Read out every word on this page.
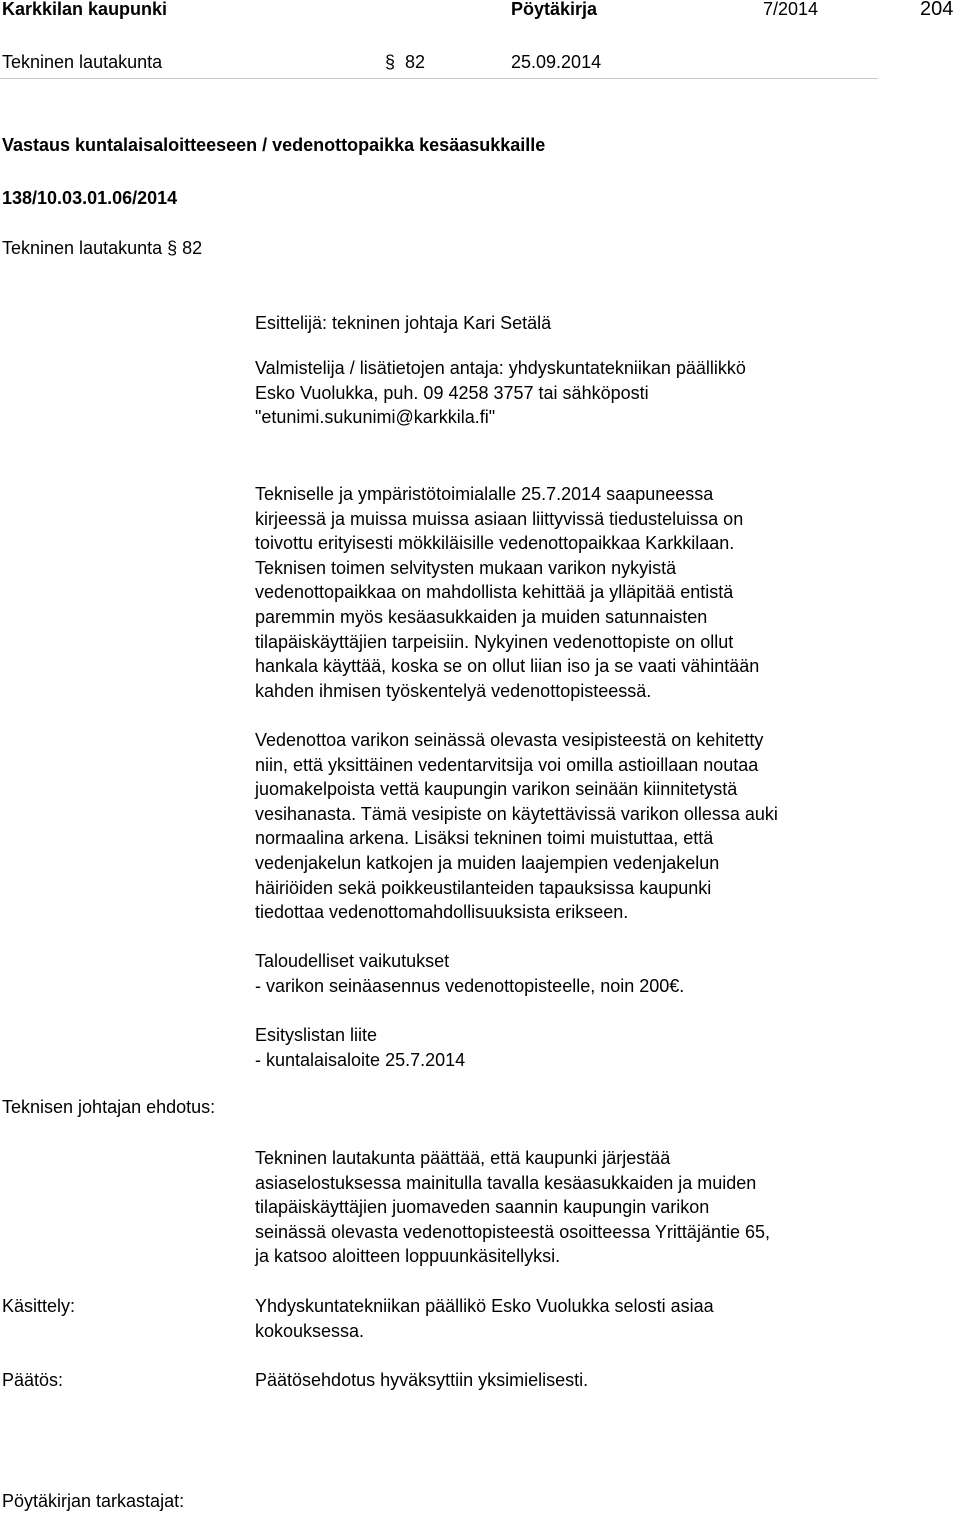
Karkkilan kaupunki	Pöytäkirja	7/2014	204
Tekninen lautakunta	§ 82	25.09.2014
Vastaus kuntalaisaloitteeseen / vedenottopaikka kesäasukkaille
138/10.03.01.06/2014
Tekninen lautakunta § 82
Esittelijä: tekninen johtaja Kari Setälä

Valmistelija / lisätietojen antaja: yhdyskuntatekniikan päällikkö

Esko Vuolukka, puh. 09 4258 3757 tai sähköposti

"etunimi.sukunimi@karkkila.fi"

Tekniselle ja ympäristötoimialalle 25.7.2014 saapuneessa

kirjeessä ja muissa muissa asiaan liittyvissä tiedusteluissa on

toivottu erityisesti mökkiläisille vedenottopaikkaa Karkkilaan.

Teknisen toimen selvitysten mukaan varikon nykyistä

vedenottopaikkaa on mahdollista kehittää ja ylläpitää entistä

paremmin myös kesäasukkaiden ja muiden satunnaisten

tilapäiskäyttäjien tarpeisiin. Nykyinen vedenottopiste on ollut

hankala käyttää, koska se on ollut liian iso ja se vaati vähintään

kahden ihmisen työskentelyä vedenottopisteessä.

Vedenottoa varikon seinässä olevasta vesipisteestä on kehitetty

niin, että yksittäinen vedentarvitsija voi omilla astioillaan noutaa

juomakelpoista vettä kaupungin varikon seinään kiinnitetystä

vesihanasta. Tämä vesipiste on käytettävissä varikon ollessa auki

normaalina arkena. Lisäksi tekninen toimi muistuttaa, että

vedenjakelun katkojen ja muiden laajempien vedenjakelun

häiriöiden sekä poikkeustilanteiden tapauksissa kaupunki

tiedottaa vedenottomahdollisuuksista erikseen.

Taloudelliset vaikutukset

- varikon seinäasennus vedenottopisteelle, noin 200€.

Esityslistan liite

- kuntalaisaloite 25.7.2014

Teknisen johtajan ehdotus:

Tekninen lautakunta päättää, että kaupunki järjestää

asiaselostuksessa mainitulla tavalla kesäasukkaiden ja muiden

tilapäiskäyttäjien juomaveden saannin kaupungin varikon

seinässä olevasta vedenottopisteestä osoitteessa Yrittäjäntie 65,

ja katsoo aloitteen loppuunkäsitellyksi.

Käsittely:	Yhdyskuntatekniikan päällikö Esko Vuolukka selosti asiaa

kokouksessa.

Päätös:	Päätösehdotus hyväksyttiin yksimielisesti.
Pöytäkirjan tarkastajat:
